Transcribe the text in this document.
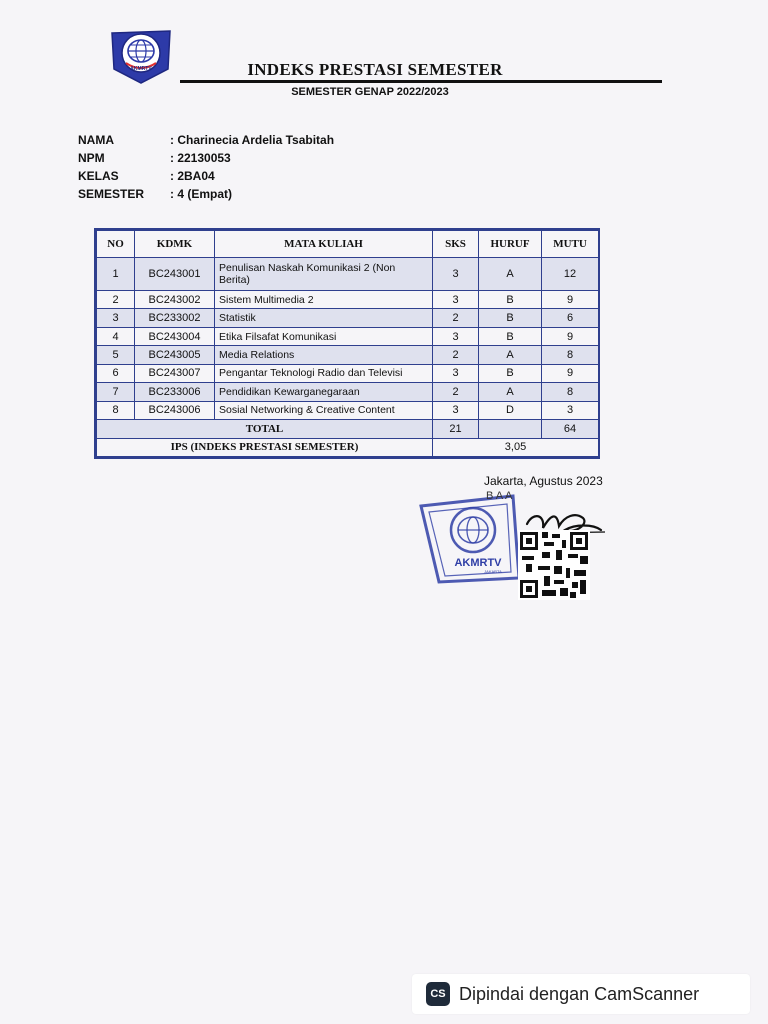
AKMRTV	INDEKS PRESTASI SEMESTER
SEMESTER GENAP 2022/2023
NAMA	: Charinecia Ardelia Tsabitah
NPM	: 22130053
KELAS	: 2BA04
SEMESTER	: 4 (Empat)
NO	KDMK	MATA KULIAH	SKS	HURUF	MUTU
1	BC243001	Penulisan Naskah Komunikasi 2 (Non Berita)	3	A	12
2	BC243002	Sistem Multimedia 2	3	B	9
3	BC233002	Statistik	2	B	6
4	BC243004	Etika Filsafat Komunikasi	3	B	9
5	BC243005	Media Relations	2	A	8
6	BC243007	Pengantar Teknologi Radio dan Televisi	3	B	9
7	BC233006	Pendidikan Kewarganegaraan	2	A	8
8	BC243006	Sosial Networking & Creative Content	3	D	3
TOTAL			21		64
IPS (INDEKS PRESTASI SEMESTER)			3,05		
AKMRTV
JAKARTA
Jakarta, Agustus 2023
B A A
CS Dipindai dengan CamScanner
